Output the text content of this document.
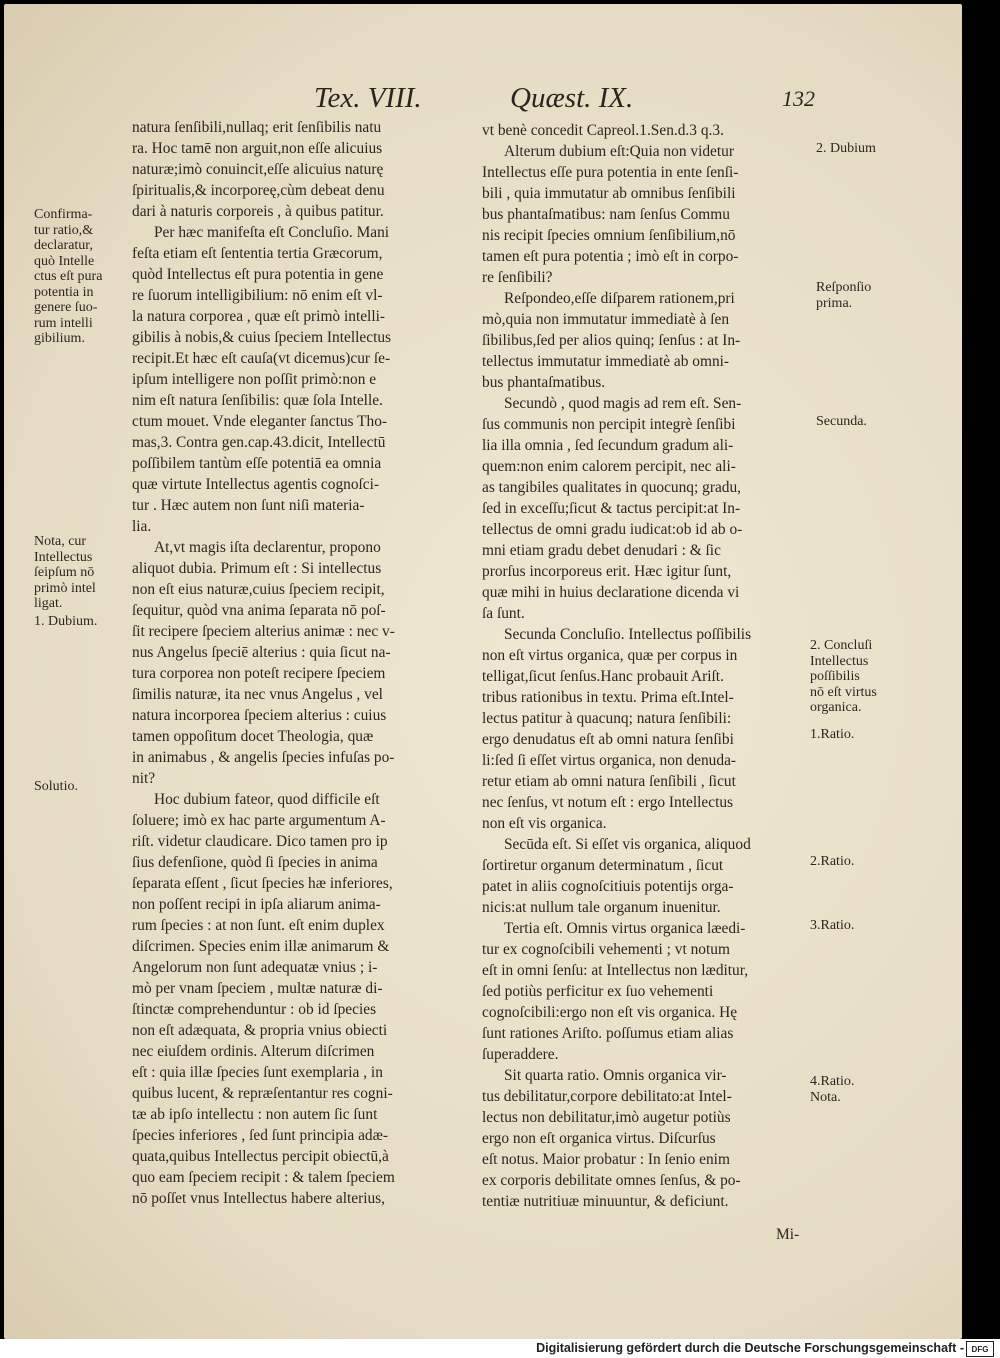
Tex. VIII.	Quæst. IX.	132

natura ſenſibili,nullaq; erit ſenſibilis natu

ra. Hoc tamē non arguit,non eſſe alicuius

naturæ;imò conuincit,eſſe alicuius naturę

ſpiritualis,& incorporeę,cùm debeat denu

dari à naturis corporeis , à quibus patitur.

Per hæc manifeſta eſt Concluſio. Mani

feſta etiam eſt ſententia tertia Græcorum,

quòd Intellectus eſt pura potentia in gene

re ſuorum intelligibilium: nō enim eſt vl-

la natura corporea , quæ eſt primò intelli-

gibilis à nobis,& cuius ſpeciem Intellectus

recipit.Et hæc eſt cauſa(vt dicemus)cur ſe-

ipſum intelligere non poſſit primò:non e

nim eſt natura ſenſibilis: quæ ſola Intelle.

ctum mouet. Vnde eleganter ſanctus Tho-

mas,3. Contra gen.cap.43.dicit, Intellectū

poſſibilem tantùm eſſe potentiā ea omnia

quæ virtute Intellectus agentis cognoſci-

tur . Hæc autem non ſunt niſi materia-

lia.

At,vt magis iſta declarentur, propono

aliquot dubia. Primum eſt : Si intellectus

non eſt eius naturæ,cuius ſpeciem recipit,

ſequitur, quòd vna anima ſeparata nō poſ-

ſit recipere ſpeciem alterius animæ : nec v-

nus Angelus ſpeciē alterius : quia ſicut na-

tura corporea non poteſt recipere ſpeciem

ſimilis naturæ, ita nec vnus Angelus , vel

natura incorporea ſpeciem alterius : cuius

tamen oppoſitum docet Theologia, quæ

in animabus , & angelis ſpecies infuſas po-

nit?

Hoc dubium fateor, quod difficile eſt

ſoluere; imò ex hac parte argumentum A-

riſt. videtur claudicare. Dico tamen pro ip

ſius defenſione, quòd ſi ſpecies in anima

ſeparata eſſent , ſicut ſpecies hæ inferiores,

non poſſent recipi in ipſa aliarum anima-

rum ſpecies : at non ſunt. eſt enim duplex

diſcrimen. Species enim illæ animarum &

Angelorum non ſunt adequatæ vnius ; i-

mò per vnam ſpeciem , multæ naturæ di-

ſtinctæ comprehenduntur : ob id ſpecies

non eſt adæquata, & propria vnius obiecti

nec eiuſdem ordinis. Alterum diſcrimen

eſt : quia illæ ſpecies ſunt exemplaria , in

quibus lucent, & repræſentantur res cogni-

tæ ab ipſo intellectu : non autem ſic ſunt

ſpecies inferiores , ſed ſunt principia adæ-

quata,quibus Intellectus percipit obiectū,à

quo eam ſpeciem recipit : & talem ſpeciem

nō poſſet vnus Intellectus habere alterius,

vt benè concedit Capreol.1.Sen.d.3 q.3.

Alterum dubium eſt:Quia non videtur

Intellectus eſſe pura potentia in ente ſenſi-

bili , quia immutatur ab omnibus ſenſibili

bus phantaſmatibus: nam ſenſus Commu

nis recipit ſpecies omnium ſenſibilium,nō

tamen eſt pura potentia ; imò eſt in corpo-

re ſenſibili?

Reſpondeo,eſſe diſparem rationem,pri

mò,quia non immutatur immediatè à ſen

ſibilibus,ſed per alios quinq; ſenſus : at In-

tellectus immutatur immediatè ab omni-

bus phantaſmatibus.

Secundò , quod magis ad rem eſt. Sen-

ſus communis non percipit integrè ſenſibi

lia illa omnia , ſed ſecundum gradum ali-

quem:non enim calorem percipit, nec ali-

as tangibiles qualitates in quocunq; gradu,

ſed in exceſſu;ſicut & tactus percipit:at In-

tellectus de omni gradu iudicat:ob id ab o-

mni etiam gradu debet denudari : & ſic

prorſus incorporeus erit. Hæc igitur ſunt,

quæ mihi in huius declaratione dicenda vi

ſa ſunt.

Secunda Concluſio. Intellectus poſſibilis

non eſt virtus organica, quæ per corpus in

telligat,ſicut ſenſus.Hanc probauit Ariſt.

tribus rationibus in textu. Prima eſt.Intel-

lectus patitur à quacunq; natura ſenſibili:

ergo denudatus eſt ab omni natura ſenſibi

li:ſed ſi eſſet virtus organica, non denuda-

retur etiam ab omni natura ſenſibili , ſicut

nec ſenſus, vt notum eſt : ergo Intellectus

non eſt vis organica.

Secūda eſt. Si eſſet vis organica, aliquod

ſortiretur organum determinatum , ſicut

patet in aliis cognoſcitiuis potentijs orga-

nicis:at nullum tale organum inuenitur.

Tertia eſt. Omnis virtus organica læedi-

tur ex cognoſcibili vehementi ; vt notum

eſt in omni ſenſu: at Intellectus non læditur,

ſed potiùs perficitur ex ſuo vehementi

cognoſcibili:ergo non eſt vis organica. Hę

ſunt rationes Ariſto. poſſumus etiam alias

ſuperaddere.

Sit quarta ratio. Omnis organica vir-

tus debilitatur,corpore debilitato:at Intel-

lectus non debilitatur,imò augetur potiùs

ergo non eſt organica virtus. Diſcurſus

eſt notus. Maior probatur : In ſenio enim

ex corporis debilitate omnes ſenſus, & po-

tentiæ nutritiuæ minuuntur, & deficiunt.

Mi-

Confirma-

tur ratio,&

declaratur,

quò Intelle

ctus eſt pura

potentia in

genere ſuo-

rum intelli

gibilium.

Nota, cur

Intellectus

ſeipſum nō

primò intel

ligat.

1. Dubium.

Solutio.

2. Dubium

Reſponſio

prima.

Secunda.

2. Concluſi

Intellectus

poſſibilis

nō eſt virtus

organica.

1.Ratio.

2.Ratio.

3.Ratio.

4.Ratio.

Nota.

Digitalisierung gefördert durch die Deutsche Forschungsgemeinschaft - DFG
